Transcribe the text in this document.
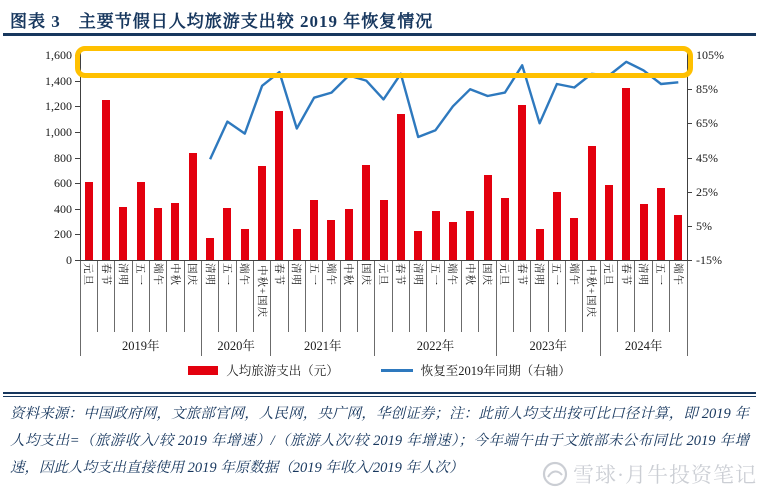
图表 3　主要节假日人均旅游支出较 2019 年恢复情况
1,600
1,400
1,200
1,000
800
600
400
200
0
105%
85%
65%
45%
25%
5%
-15%
元旦 春节 清明 五一 端午 中秋 国庆 清明 五一 端午 中秋+国庆 春节 清明 五一 端午 中秋 国庆 元旦 春节 清明 五一 端午 中秋 国庆 元旦 春节 清明 五一 端午 中秋+国庆 元旦 春节 清明 五一 端午
2019年	2020年	2021年	2022年	2023年	2024年
人均旅游支出（元）	恢复至2019年同期（右轴）
资料来源：中国政府网，文旅部官网，人民网，央广网，华创证券；注：此前人均支出按可比口径计算，即 2019 年人均支出=（旅游收入/较 2019 年增速）/（旅游人次/较 2019 年增速）；今年端午由于文旅部未公布同比 2019 年增速，因此人均支出直接使用 2019 年原数据（2019 年收入/2019 年人次）	雪球·月牛投资笔记
